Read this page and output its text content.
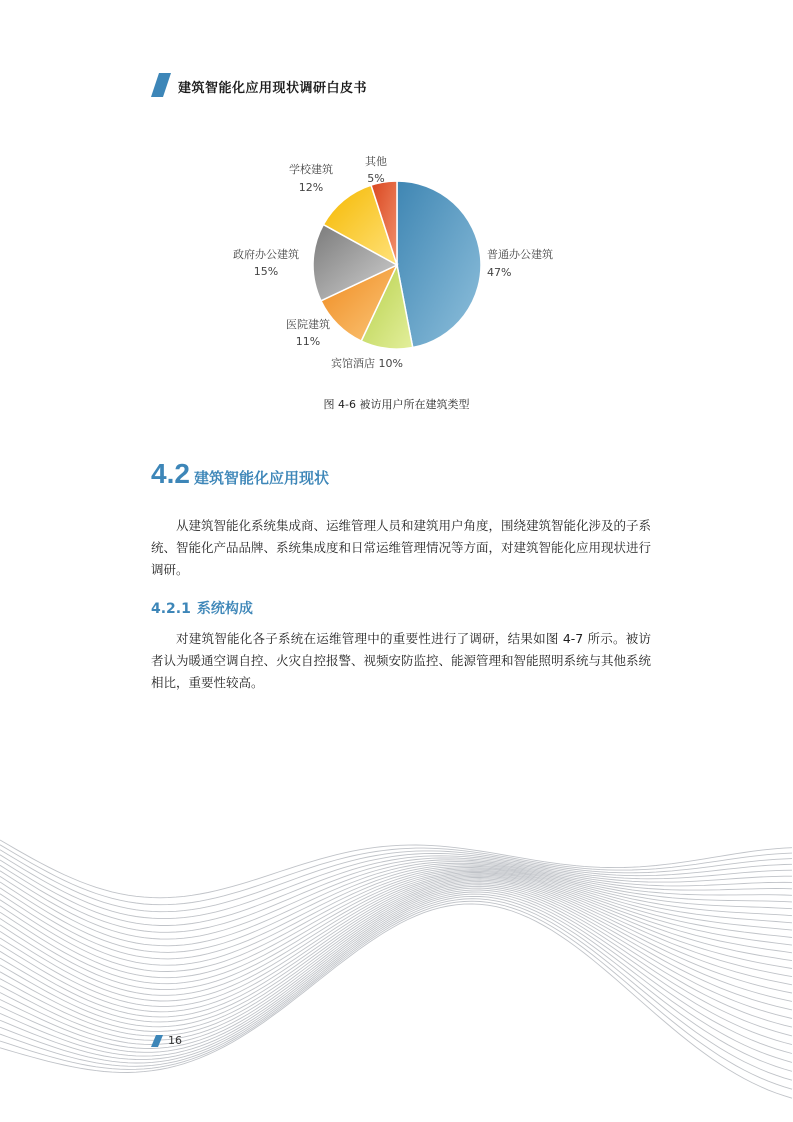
建筑智能化应用现状调研白皮书
普通办公建筑
47%
宾馆酒店 10%
医院建筑
11%
政府办公建筑
15%
学校建筑
12%
其他
5%
图 4-6 被访用户所在建筑类型
4.2 建筑智能化应用现状
从建筑智能化系统集成商、运维管理人员和建筑用户角度，围绕建筑智能化涉及的子系统、智能化产品品牌、系统集成度和日常运维管理情况等方面，对建筑智能化应用现状进行调研。
4.2.1 系统构成
对建筑智能化各子系统在运维管理中的重要性进行了调研，结果如图 4-7 所示。被访者认为暖通空调自控、火灾自控报警、视频安防监控、能源管理和智能照明系统与其他系统相比，重要性较高。
16
